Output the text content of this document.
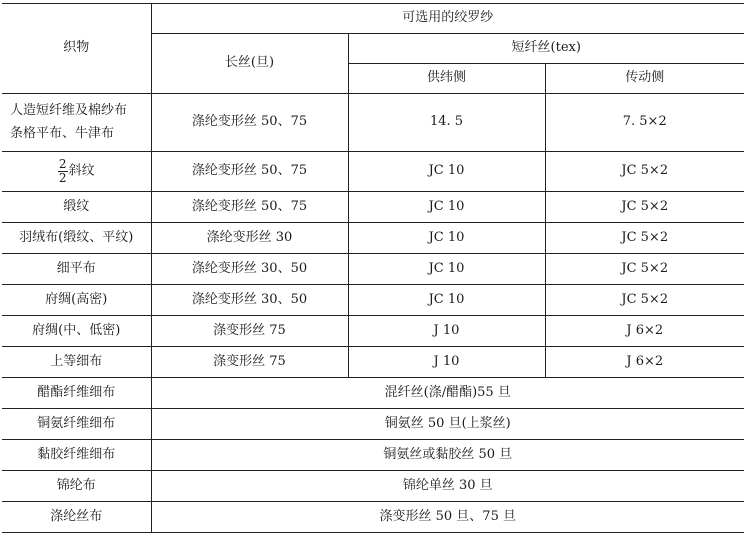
织物	可选用的绞罗纱		
	长丝(旦)	短纤丝(tex)	
		供纬侧	传动侧

人造短纤维及棉纱布
条格平布、牛津布	涤纶变形丝 50、75	14. 5	7. 5×2

$\frac{2}{2}$ 斜纹	涤纶变形丝 50、75	JC 10	JC 5×2
缎纹	涤纶变形丝 50、75	JC 10	JC 5×2
羽绒布(缎纹、平纹)	涤纶变形丝 30	JC 10	JC 5×2
细平布	涤纶变形丝 30、50	JC 10	JC 5×2
府绸(高密)	涤纶变形丝 30、50	JC 10	JC 5×2
府绸(中、低密)	涤变形丝 75	J 10	J 6×2
上等细布	涤变形丝 75	J 10	J 6×2
醋酯纤维细布	混纤丝(涤/醋酯)55 旦		
铜氨纤维细布	铜氨丝 50 旦(上浆丝)		
黏胶纤维细布	铜氨丝或黏胶丝 50 旦		
锦纶布	锦纶单丝 30 旦		
涤纶丝布	涤变形丝 50 旦、75 旦		
